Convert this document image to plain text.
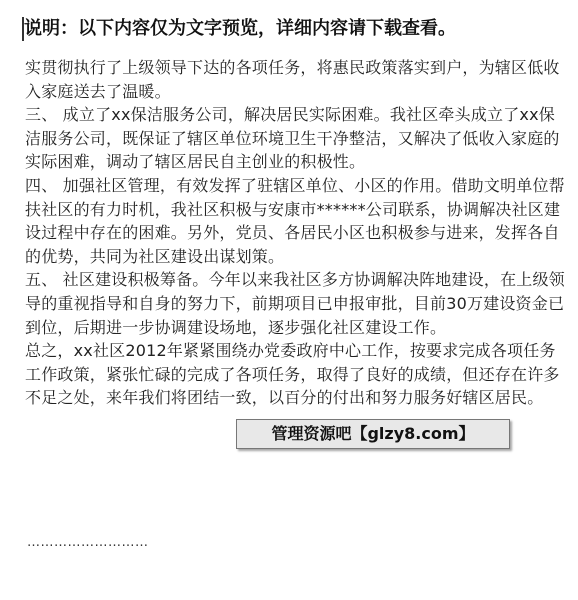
说明：以下内容仅为文字预览，详细内容请下载查看。

实贯彻执行了上级领导下达的各项任务，将惠民政策落实到户，为辖区低收入家庭送去了温暖。

三、 成立了xx保洁服务公司，解决居民实际困难。我社区牵头成立了xx保洁服务公司，既保证了辖区单位环境卫生干净整洁，又解决了低收入家庭的实际困难，调动了辖区居民自主创业的积极性。

四、 加强社区管理，有效发挥了驻辖区单位、小区的作用。借助文明单位帮扶社区的有力时机，我社区积极与安康市******公司联系，协调解决社区建设过程中存在的困难。另外，党员、各居民小区也积极参与进来，发挥各自的优势，共同为社区建设出谋划策。

五、 社区建设积极筹备。今年以来我社区多方协调解决阵地建设，在上级领导的重视指导和自身的努力下，前期项目已申报审批，目前30万建设资金已到位，后期进一步协调建设场地，逐步强化社区建设工作。

总之，xx社区2012年紧紧围绕办党委政府中心工作，按要求完成各项任务工作政策，紧张忙碌的完成了各项任务，取得了良好的成绩，但还存在许多不足之处，来年我们将团结一致，以百分的付出和努力服务好辖区居民。

………………………
管理资源吧【glzy8.com】
